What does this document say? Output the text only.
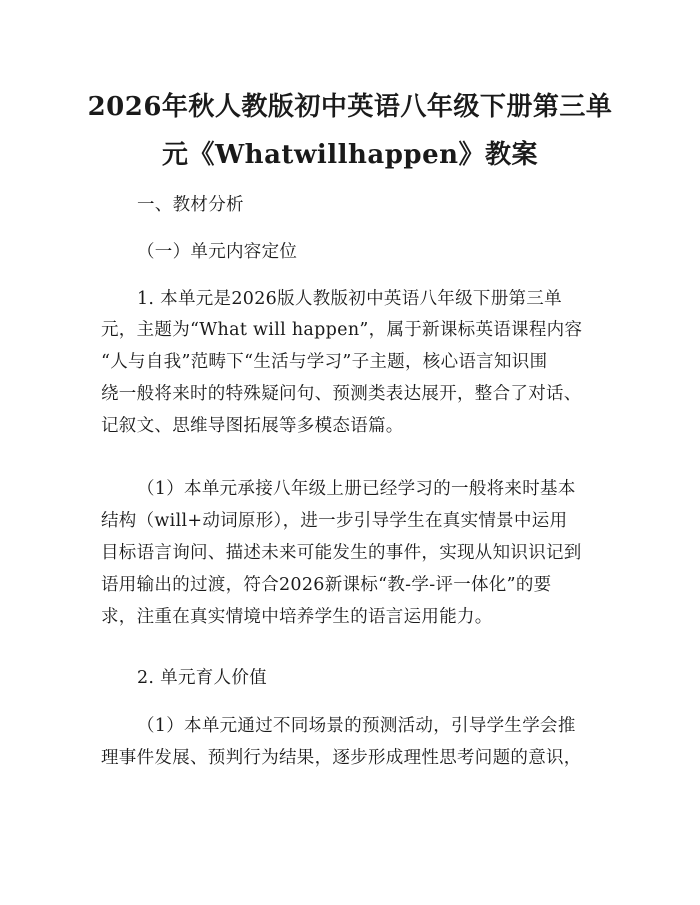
2026年秋人教版初中英语八年级下册第三单
元《Whatwillhappen》教案
一、教材分析
（一）单元内容定位
1. 本单元是2026版人教版初中英语八年级下册第三单
元，主题为“What will happen”，属于新课标英语课程内容
“人与自我”范畴下“生活与学习”子主题，核心语言知识围
绕一般将来时的特殊疑问句、预测类表达展开，整合了对话、
记叙文、思维导图拓展等多模态语篇。
（1）本单元承接八年级上册已经学习的一般将来时基本
结构（will+动词原形），进一步引导学生在真实情景中运用
目标语言询问、描述未来可能发生的事件，实现从知识识记到
语用输出的过渡，符合2026新课标“教-学-评一体化”的要
求，注重在真实情境中培养学生的语言运用能力。
2. 单元育人价值
（1）本单元通过不同场景的预测活动，引导学生学会推
理事件发展、预判行为结果，逐步形成理性思考问题的意识，
